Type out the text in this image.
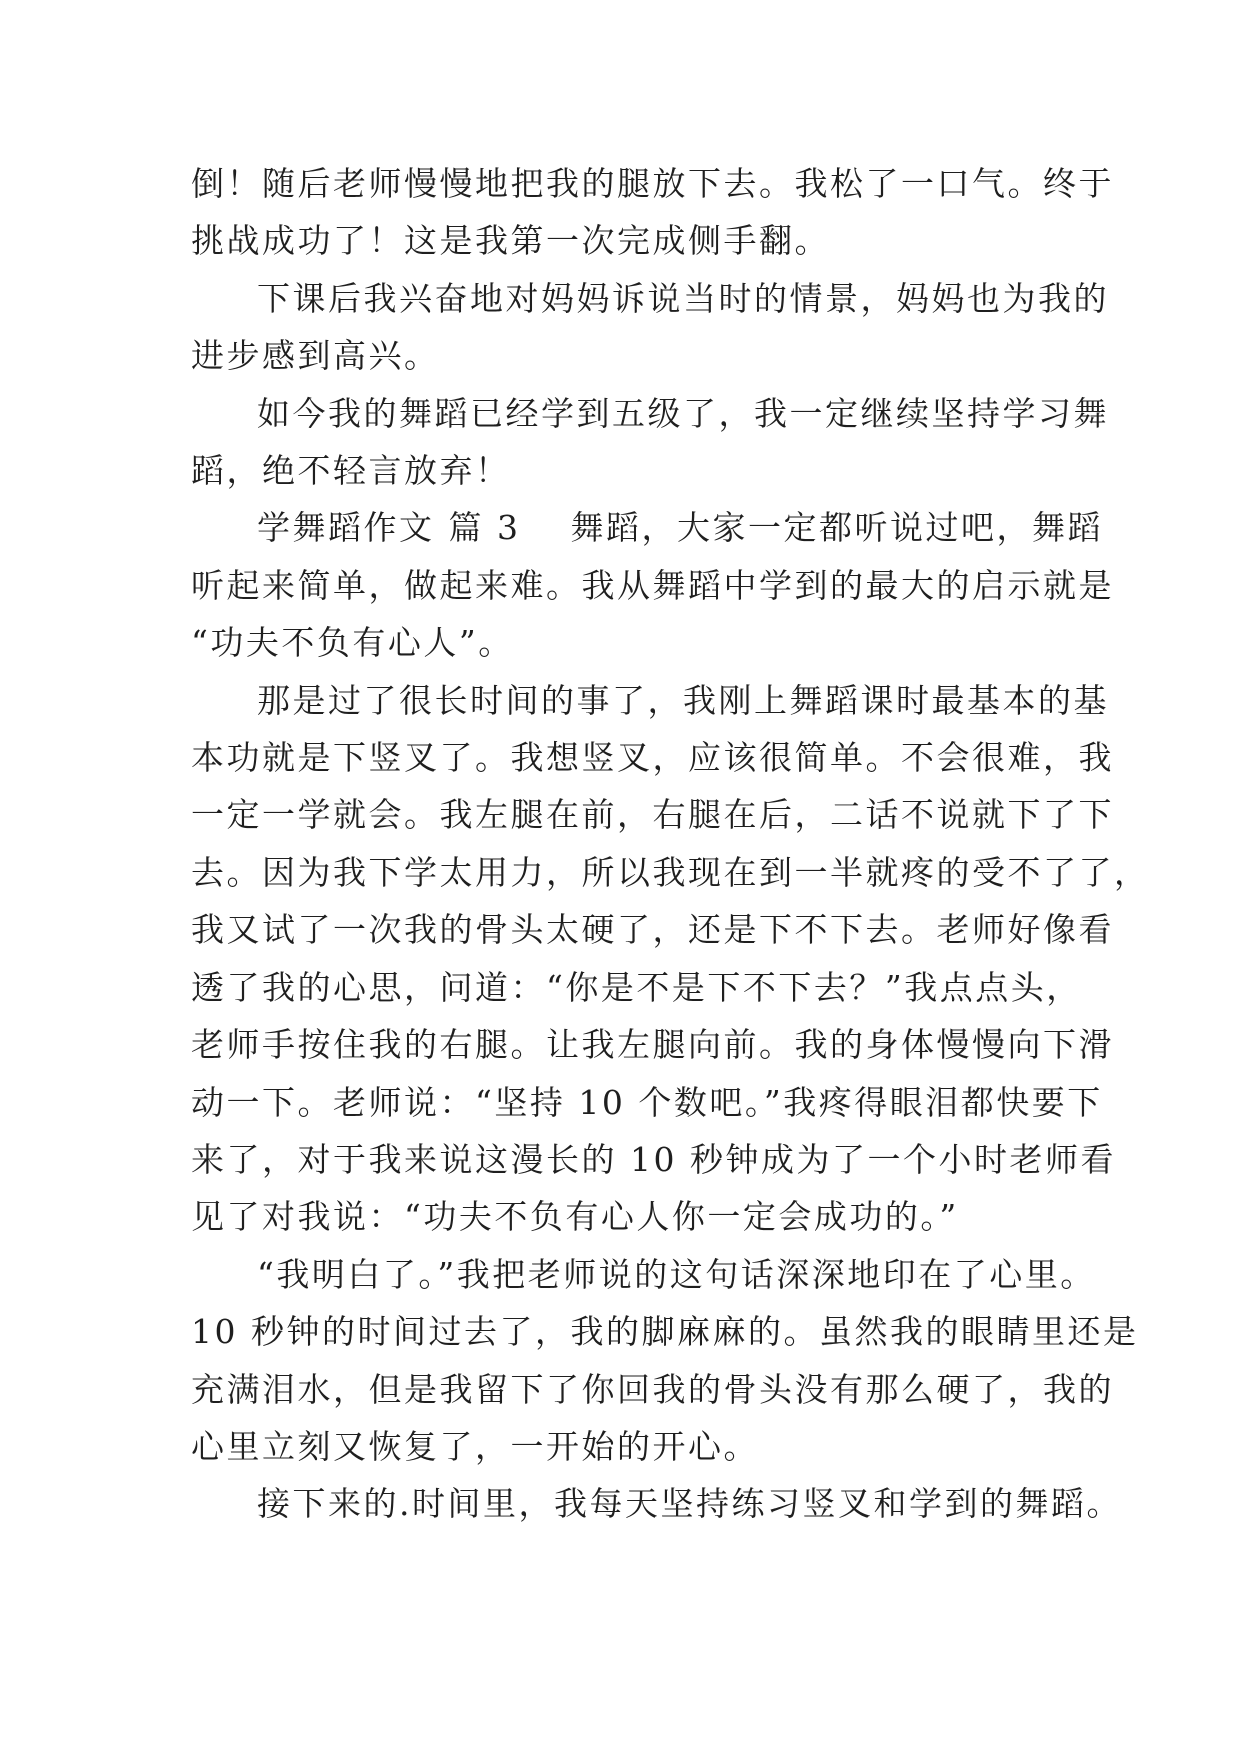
倒！随后老师慢慢地把我的腿放下去。我松了一口气。终于
挑战成功了！这是我第一次完成侧手翻。
下课后我兴奋地对妈妈诉说当时的情景，妈妈也为我的
进步感到高兴。
如今我的舞蹈已经学到五级了，我一定继续坚持学习舞
蹈，绝不轻言放弃！
学舞蹈作文 篇 3 舞蹈，大家一定都听说过吧，舞蹈
听起来简单，做起来难。我从舞蹈中学到的最大的启示就是
“功夫不负有心人”。
那是过了很长时间的事了，我刚上舞蹈课时最基本的基
本功就是下竖叉了。我想竖叉，应该很简单。不会很难，我
一定一学就会。我左腿在前，右腿在后，二话不说就下了下
去。因为我下学太用力，所以我现在到一半就疼的受不了了，
我又试了一次我的骨头太硬了，还是下不下去。老师好像看
透了我的心思，问道：“你是不是下不下去？”我点点头，
老师手按住我的右腿。让我左腿向前。我的身体慢慢向下滑
动一下。老师说：“坚持 10 个数吧。”我疼得眼泪都快要下
来了，对于我来说这漫长的 10 秒钟成为了一个小时老师看
见了对我说：“功夫不负有心人你一定会成功的。”
“我明白了。”我把老师说的这句话深深地印在了心里。
10 秒钟的时间过去了，我的脚麻麻的。虽然我的眼睛里还是
充满泪水，但是我留下了你回我的骨头没有那么硬了，我的
心里立刻又恢复了，一开始的开心。
接下来的.时间里，我每天坚持练习竖叉和学到的舞蹈。
